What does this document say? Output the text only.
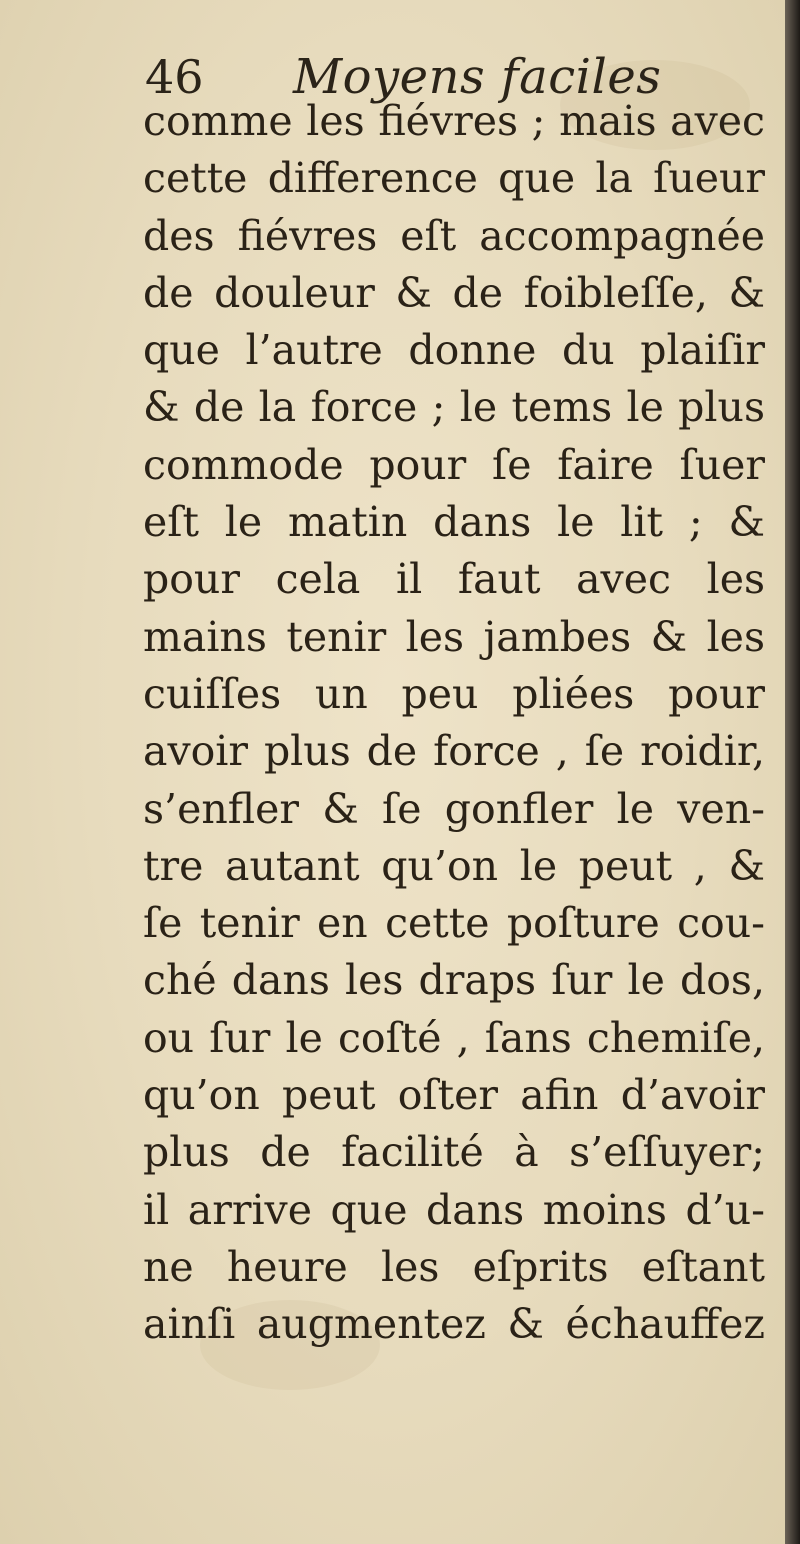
46 Moyens faciles
comme les fiévres ; mais avec
cette difference que la ſueur
des fiévres eſt accompagnée
de douleur & de foibleſſe, &
que l’autre donne du plaiſir
& de la force ; le tems le plus
commode pour ſe faire ſuer
eſt le matin dans le lit ; &
pour cela il faut avec les
mains tenir les jambes & les
cuiſſes un peu pliées pour
avoir plus de force , ſe roidir,
s’enfler & ſe gonfler le ven-
tre autant qu’on le peut , &
ſe tenir en cette poſture cou-
ché dans les draps ſur le dos,
ou ſur le coſté , ſans chemiſe,
qu’on peut oſter afin d’avoir
plus de facilité à s’eſſuyer;
il arrive que dans moins d’u-
ne heure les eſprits eſtant
ainſi augmentez & échauffez
